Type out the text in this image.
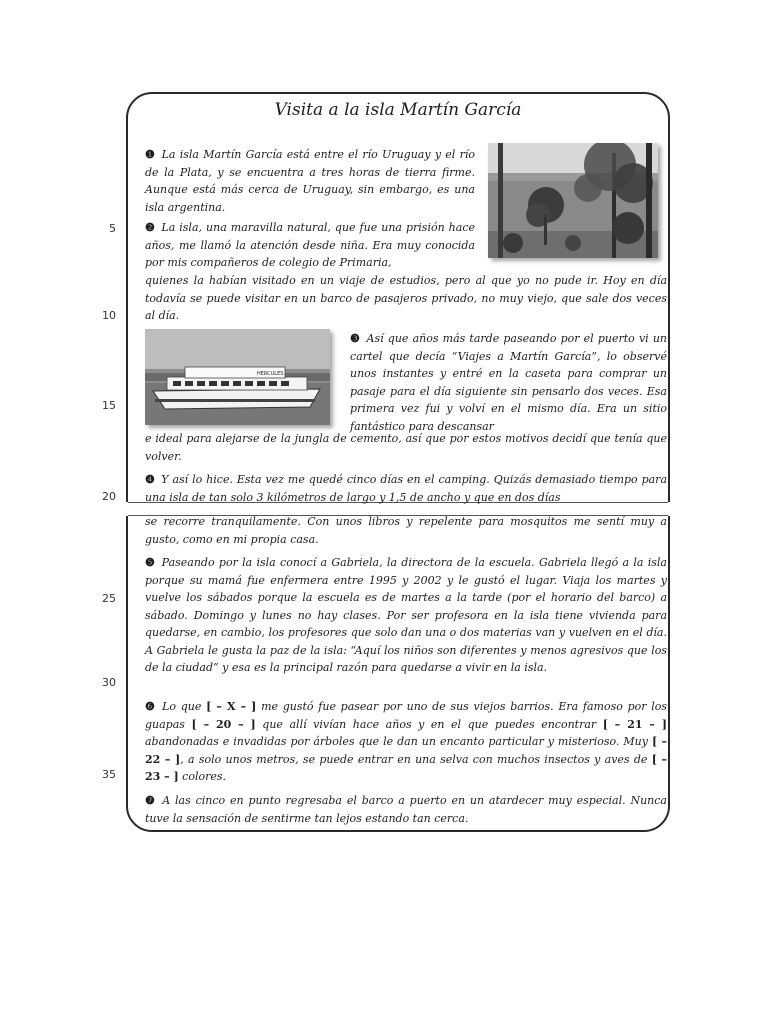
Visita a la isla Martín García
5
10
15
20
25
30
35
HERCULES

❶ La isla Martín García está entre el río Uruguay y el río de la Plata, y se encuentra a tres horas de tierra firme. Aunque está más cerca de Uruguay, sin embargo, es una isla argentina.

❷ La isla, una maravilla natural, que fue una prisión hace años, me llamó la atención desde niña. Era muy conocida por mis compañeros de colegio de Primaria,

quienes la habían visitado en un viaje de estudios, pero al que yo no pude ir. Hoy en día todavía se puede visitar en un barco de pasajeros privado, no muy viejo, que sale dos veces al día.

❸ Así que años más tarde paseando por el puerto vi un cartel que decía “Viajes a Martín García”, lo observé unos instantes y entré en la caseta para comprar un pasaje para el día siguiente sin pensarlo dos veces. Esa primera vez fui y volví en el mismo día. Era un sitio fantástico para descansar

e ideal para alejarse de la jungla de cemento, así que por estos motivos decidí que tenía que volver.

❹ Y así lo hice. Esta vez me quedé cinco días en el camping. Quizás demasiado tiempo para una isla de tan solo 3 kilómetros de largo y 1,5 de ancho y que en dos días

se recorre tranquilamente. Con unos libros y repelente para mosquitos me sentí muy a gusto, como en mi propia casa.

❺ Paseando por la isla conocí a Gabriela, la directora de la escuela. Gabriela llegó a la isla porque su mamá fue enfermera entre 1995 y 2002 y le gustó el lugar. Viaja los martes y vuelve los sábados porque la escuela es de martes a la tarde (por el horario del barco) a sábado. Domingo y lunes no hay clases. Por ser profesora en la isla tiene vivienda para quedarse, en cambio, los profesores que solo dan una o dos materias van y vuelven en el día. A Gabriela le gusta la paz de la isla: “Aquí los niños son diferentes y menos agresivos que los de la ciudad” y esa es la principal razón para quedarse a vivir en la isla.

❻ Lo que [ – X – ] me gustó fue pasear por uno de sus viejos barrios. Era famoso por los guapas [ – 20 – ] que allí vivían hace años y en el que puedes encontrar [ – 21 – ] abandonadas e invadidas por árboles que le dan un encanto particular y misterioso. Muy [ – 22 – ], a solo unos metros, se puede entrar en una selva con muchos insectos y aves de [ – 23 – ] colores.

❼ A las cinco en punto regresaba el barco a puerto en un atardecer muy especial. Nunca tuve la sensación de sentirme tan lejos estando tan cerca.
